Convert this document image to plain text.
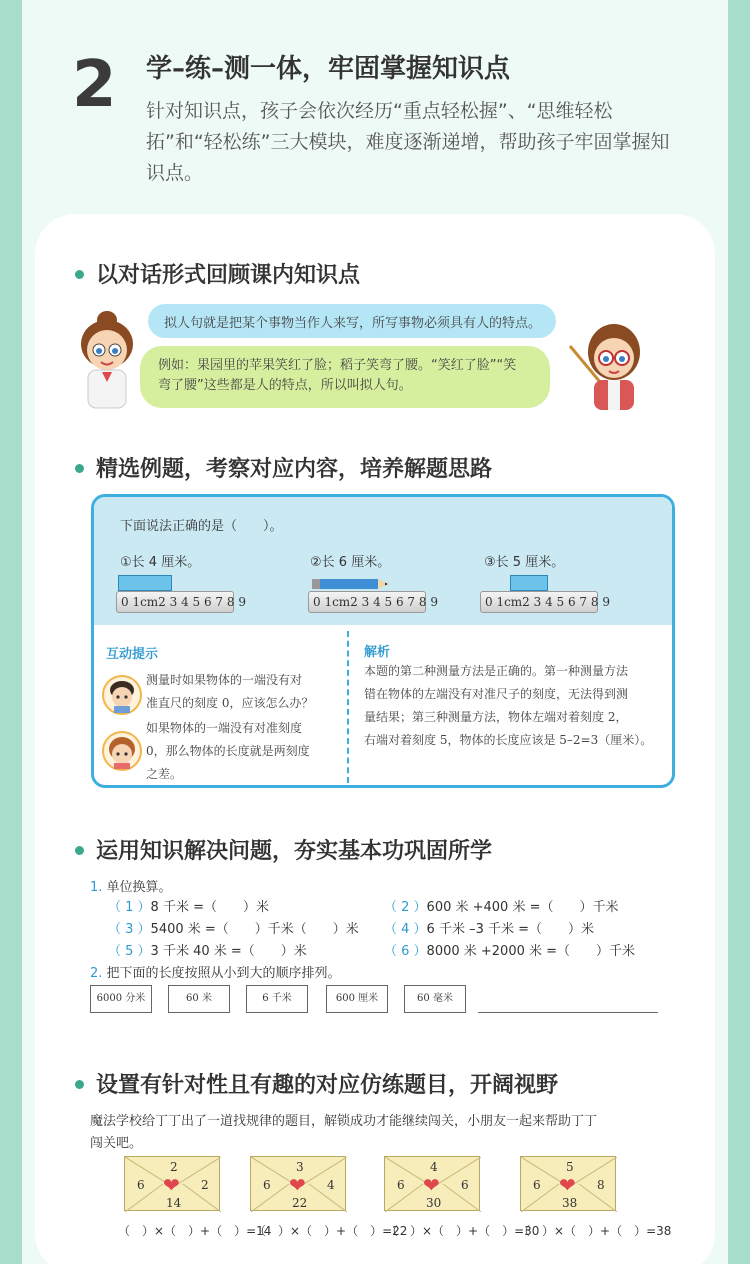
2 学–练–测一体，牢固掌握知识点
针对知识点，孩子会依次经历“重点轻松握”、“思维轻松拓”和“轻松练”三大模块，难度逐渐递增，帮助孩子牢固掌握知识点。
以对话形式回顾课内知识点
拟人句就是把某个事物当作人来写，所写事物必须具有人的特点。
例如：果园里的苹果笑红了脸；稻子笑弯了腰。“笑红了脸”“笑
弯了腰”这些都是人的特点，所以叫拟人句。
精选例题，考察对应内容，培养解题思路
下面说法正确的是（　　）。
①长 4 厘米。	②长 6 厘米。	③长 5 厘米。
0 1cm2 3 4 5 6 7 8 9	0 1cm2 3 4 5 6 7 8 9	0 1cm2 3 4 5 6 7 8 9
互动提示
测量时如果物体的一端没有对
准直尺的刻度 0，应该怎么办？
如果物体的一端没有对准刻度
0，那么物体的长度就是两刻度
之差。
解析
本题的第二种测量方法是正确的。第一种测量方法
错在物体的左端没有对准尺子的刻度，无法得到测
量结果；第三种测量方法，物体左端对着刻度 2，
右端对着刻度 5，物体的长度应该是 5–2=3（厘米）。
运用知识解决问题，夯实基本功巩固所学
1. 单位换算。
（ 1 ）8 千米 =（　　）米	（ 2 ）600 米 +400 米 =（　　）千米
（ 3 ）5400 米 =（　　）千米（　　）米 （ 4 ）6 千米 –3 千米 =（　　）米
（ 5 ）3 千米 40 米 =（　　）米	（ 6 ）8000 米 +2000 米 =（　　）千米
2. 把下面的长度按照从小到大的顺序排列。
6000 分米	60 米	6 千米	600 厘米	60 毫米
设置有针对性且有趣的对应仿练题目，开阔视野
魔法学校给丁丁出了一道找规律的题目，解锁成功才能继续闯关，小朋友一起来帮助丁丁
闯关吧。
❤
2
6	2
14
（　）×（　）+（　）=14
❤
3
6	4
22
（　）×（　）+（　）=22
❤
4
6	6
30
（　）×（　）+（　）=30
❤
5
6	8
38
（　）×（　）+（　）=38
